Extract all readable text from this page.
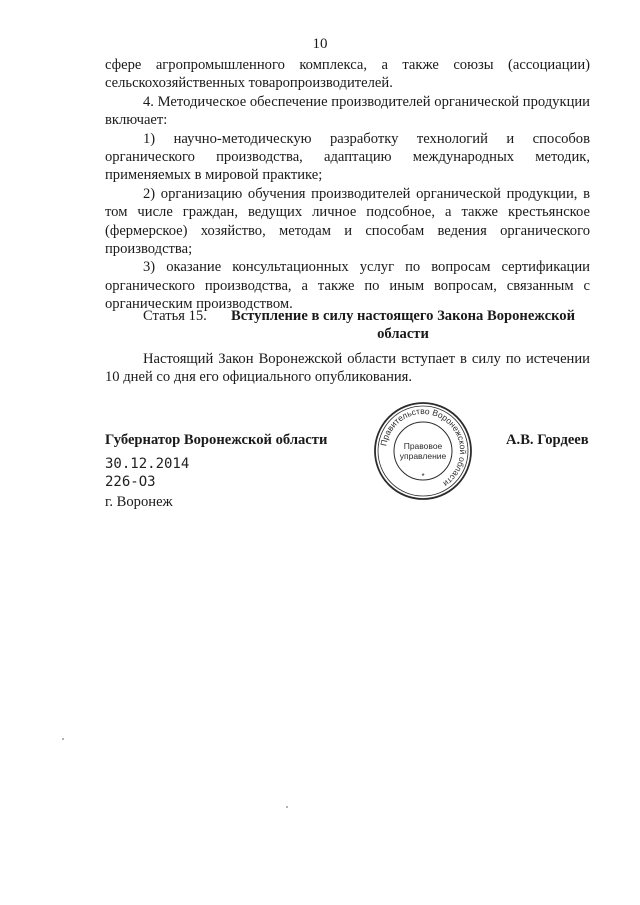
10

сфере агропромышленного комплекса, а также союзы (ассоциации) сельскохозяйственных товаропроизводителей.

4. Методическое обеспечение производителей органической продукции включает:

1) научно-методическую разработку технологий и способов органического производства, адаптацию международных методик, применяемых в мировой практике;

2) организацию обучения производителей органической продукции, в том числе граждан, ведущих личное подсобное, а также крестьянское (фермерское) хозяйство, методам и способам ведения органического производства;

3) оказание консультационных услуг по вопросам сертификации органического производства, а также по иным вопросам, связанным с органическим производством.

Статья 15.	Вступление в силу настоящего Закона Воронежской области

Настоящий Закон Воронежской области вступает в силу по истечении 10 дней со дня его официального опубликования.

Губернатор Воронежской области	Правительство Воронежской области
Правовое
управление
*
А.В. Гордеев
30.12.2014
226-ОЗ
г. Воронеж
